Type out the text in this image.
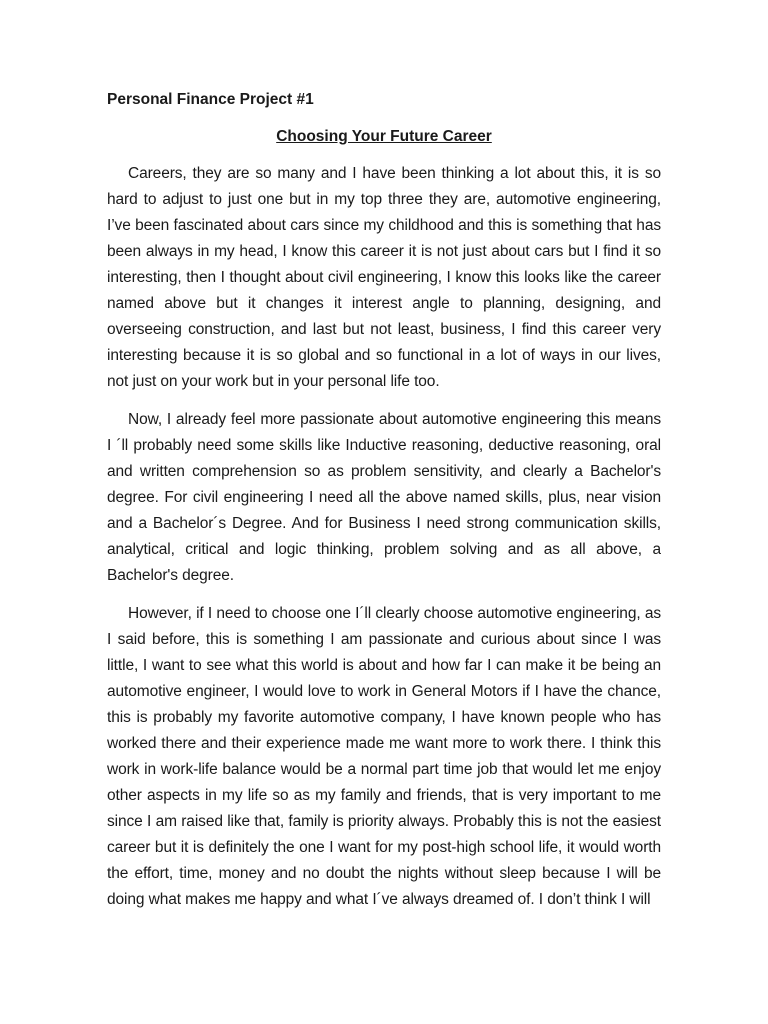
Personal Finance Project #1
Choosing Your Future Career

Careers, they are so many and I have been thinking a lot about this, it is so hard to adjust to just one but in my top three they are, automotive engineering, I’ve been fascinated about cars since my childhood and this is something that has been always in my head, I know this career it is not just about cars but I find it so interesting, then I thought about civil engineering, I know this looks like the career named above but it changes it interest angle to planning, designing, and overseeing construction, and last but not least, business, I find this career very interesting because it is so global and so functional in a lot of ways in our lives, not just on your work but in your personal life too.

Now, I already feel more passionate about automotive engineering this means I ´ll probably need some skills like Inductive reasoning, deductive reasoning, oral and written comprehension so as problem sensitivity, and clearly a Bachelor's degree. For civil engineering I need all the above named skills, plus, near vision and a Bachelor´s Degree. And for Business I need strong communication skills, analytical, critical and logic thinking, problem solving and as all above, a Bachelor's degree.

However, if I need to choose one I´ll clearly choose automotive engineering, as I said before, this is something I am passionate and curious about since I was little, I want to see what this world is about and how far I can make it be being an automotive engineer, I would love to work in General Motors if I have the chance, this is probably my favorite automotive company, I have known people who has worked there and their experience made me want more to work there. I think this work in work-life balance would be a normal part time job that would let me enjoy other aspects in my life so as my family and friends, that is very important to me since I am raised like that, family is priority always. Probably this is not the easiest career but it is definitely the one I want for my post-high school life, it would worth the effort, time, money and no doubt the nights without sleep because I will be doing what makes me happy and what I´ve always dreamed of. I don’t think I will
